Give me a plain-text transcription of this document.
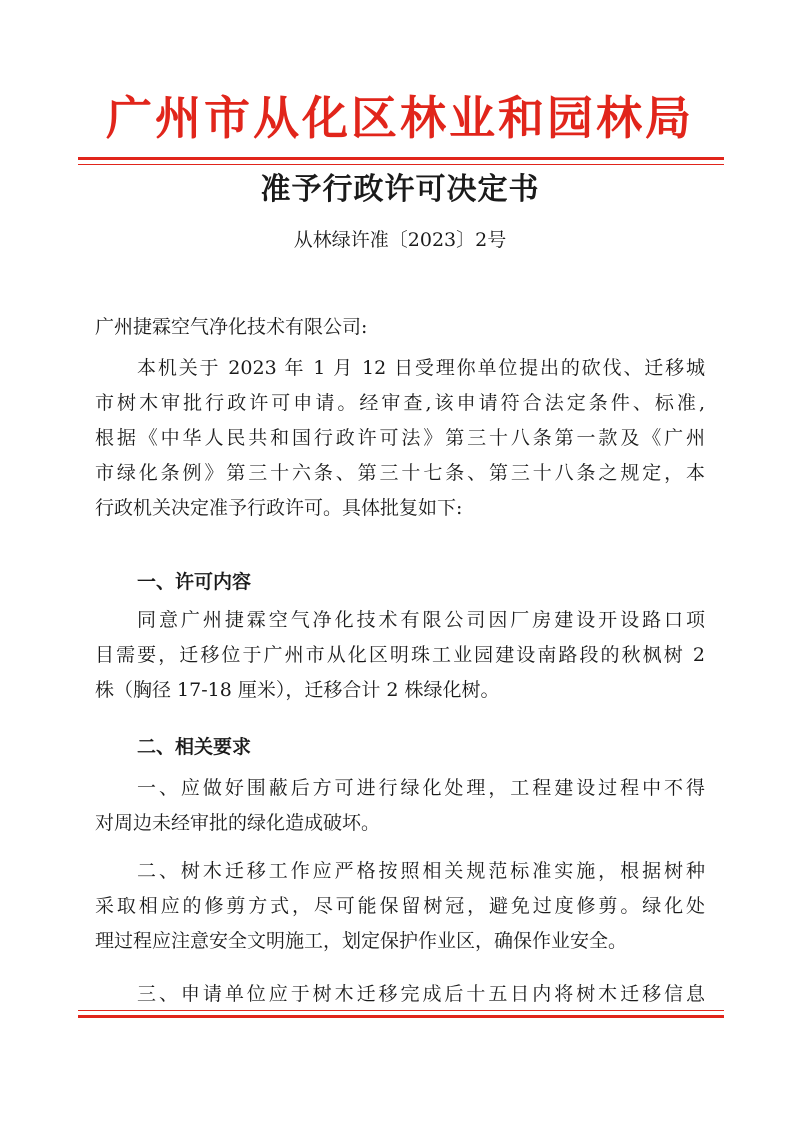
广州市从化区林业和园林局
准予行政许可决定书
从林绿许准〔2023〕2号
广州捷霖空气净化技术有限公司:
本机关于 2023 年 1 月 12 日受理你单位提出的砍伐、迁移城
市树木审批行政许可申请。经审查,该申请符合法定条件、标准,
根据《中华人民共和国行政许可法》第三十八条第一款及《广州
市绿化条例》第三十六条、第三十七条、第三十八条之规定，本
行政机关决定准予行政许可。具体批复如下:
一、许可内容
同意广州捷霖空气净化技术有限公司因厂房建设开设路口项
目需要，迁移位于广州市从化区明珠工业园建设南路段的秋枫树 2
株（胸径 17-18 厘米），迁移合计 2 株绿化树。
二、相关要求
一、应做好围蔽后方可进行绿化处理，工程建设过程中不得
对周边未经审批的绿化造成破坏。
二、树木迁移工作应严格按照相关规范标准实施，根据树种
采取相应的修剪方式，尽可能保留树冠，避免过度修剪。绿化处
理过程应注意安全文明施工，划定保护作业区，确保作业安全。
三、申请单位应于树木迁移完成后十五日内将树木迁移信息
